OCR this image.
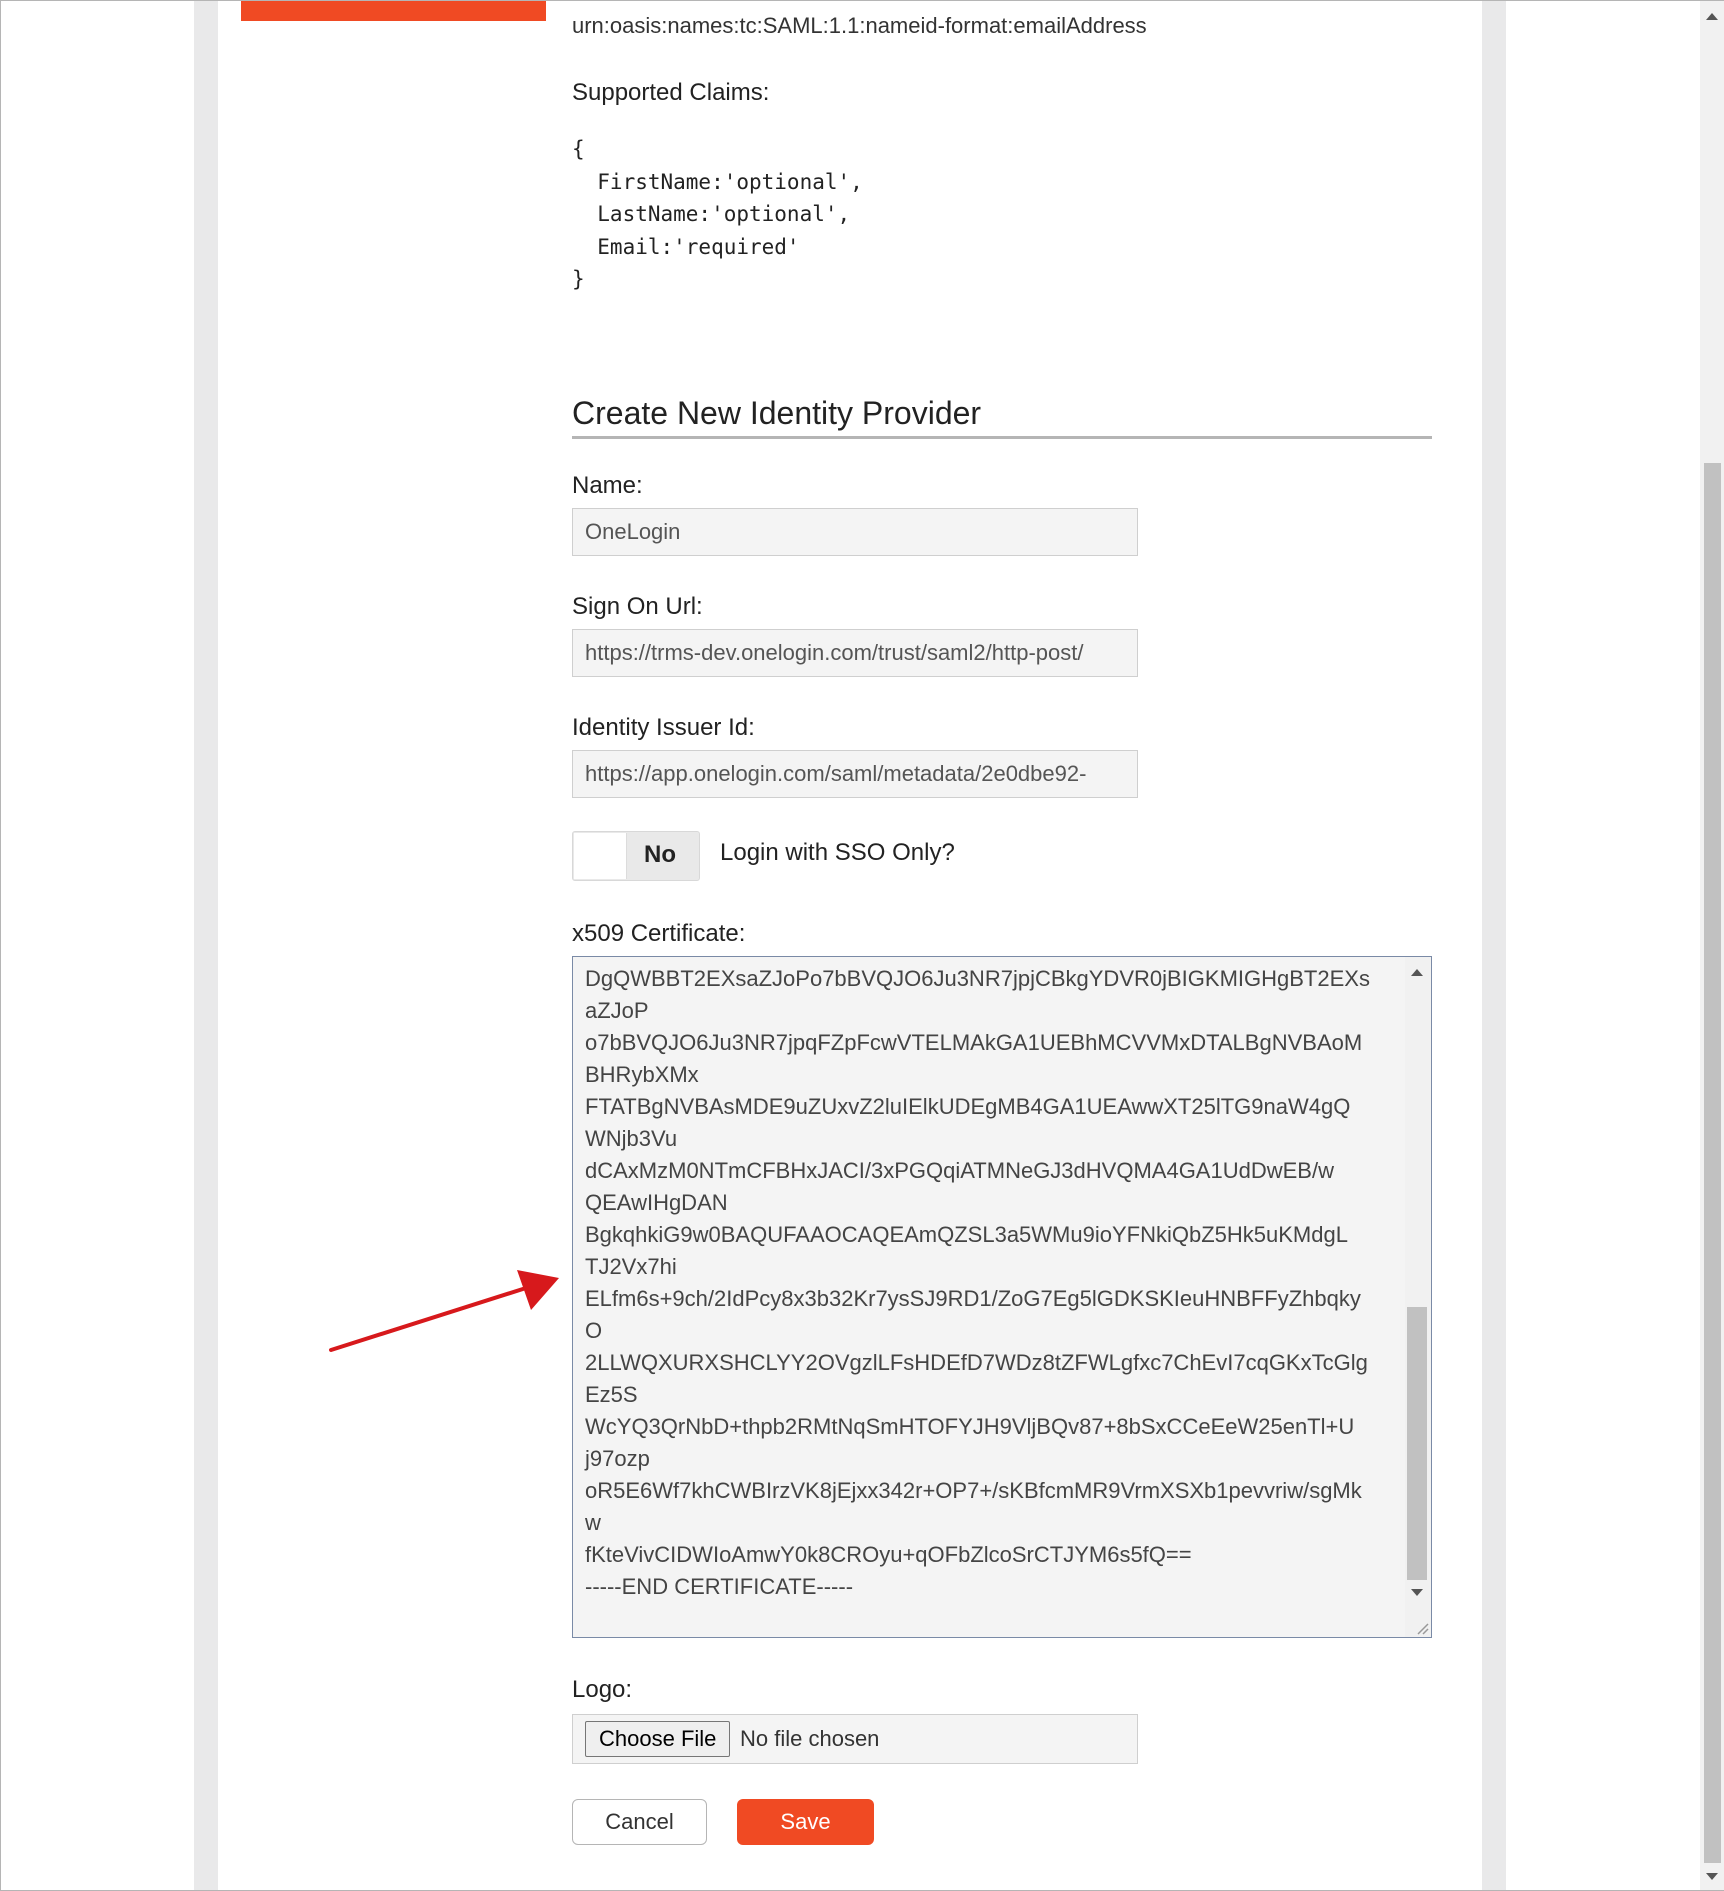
urn:oasis:names:tc:SAML:1.1:nameid-format:emailAddress
Supported Claims:
{
FirstName:'optional',
LastName:'optional',
Email:'required'
}
Create New Identity Provider
Name:
OneLogin
Sign On Url:
https://trms-dev.onelogin.com/trust/saml2/http-post/
Identity Issuer Id:
https://app.onelogin.com/saml/metadata/2e0dbe92-
No Login with SSO Only?
x509 Certificate:
DgQWBBT2EXsaZJoPo7bBVQJO6Ju3NR7jpjCBkgYDVR0jBIGKMIGHgBT2EXs
aZJoP
o7bBVQJO6Ju3NR7jpqFZpFcwVTELMAkGA1UEBhMCVVMxDTALBgNVBAoM
BHRybXMx
FTATBgNVBAsMDE9uZUxvZ2luIElkUDEgMB4GA1UEAwwXT25lTG9naW4gQ
WNjb3Vu
dCAxMzM0NTmCFBHxJACI/3xPGQqiATMNeGJ3dHVQMA4GA1UdDwEB/w
QEAwIHgDAN
BgkqhkiG9w0BAQUFAAOCAQEAmQZSL3a5WMu9ioYFNkiQbZ5Hk5uKMdgL
TJ2Vx7hi
ELfm6s+9ch/2IdPcy8x3b32Kr7ysSJ9RD1/ZoG7Eg5lGDKSKIeuHNBFFyZhbqky
O
2LLWQXURXSHCLYY2OVgzlLFsHDEfD7WDz8tZFWLgfxc7ChEvI7cqGKxTcGlg
Ez5S
WcYQ3QrNbD+thpb2RMtNqSmHTOFYJH9VljBQv87+8bSxCCeEeW25enTl+U
j97ozp
oR5E6Wf7khCWBIrzVK8jEjxx342r+OP7+/sKBfcmMR9VrmXSXb1pevvriw/sgMk
w
fKteVivCIDWIoAmwY0k8CROyu+qOFbZlcoSrCTJYM6s5fQ==
-----END CERTIFICATE-----
Logo:
Choose File	No file chosen
Cancel	Save
